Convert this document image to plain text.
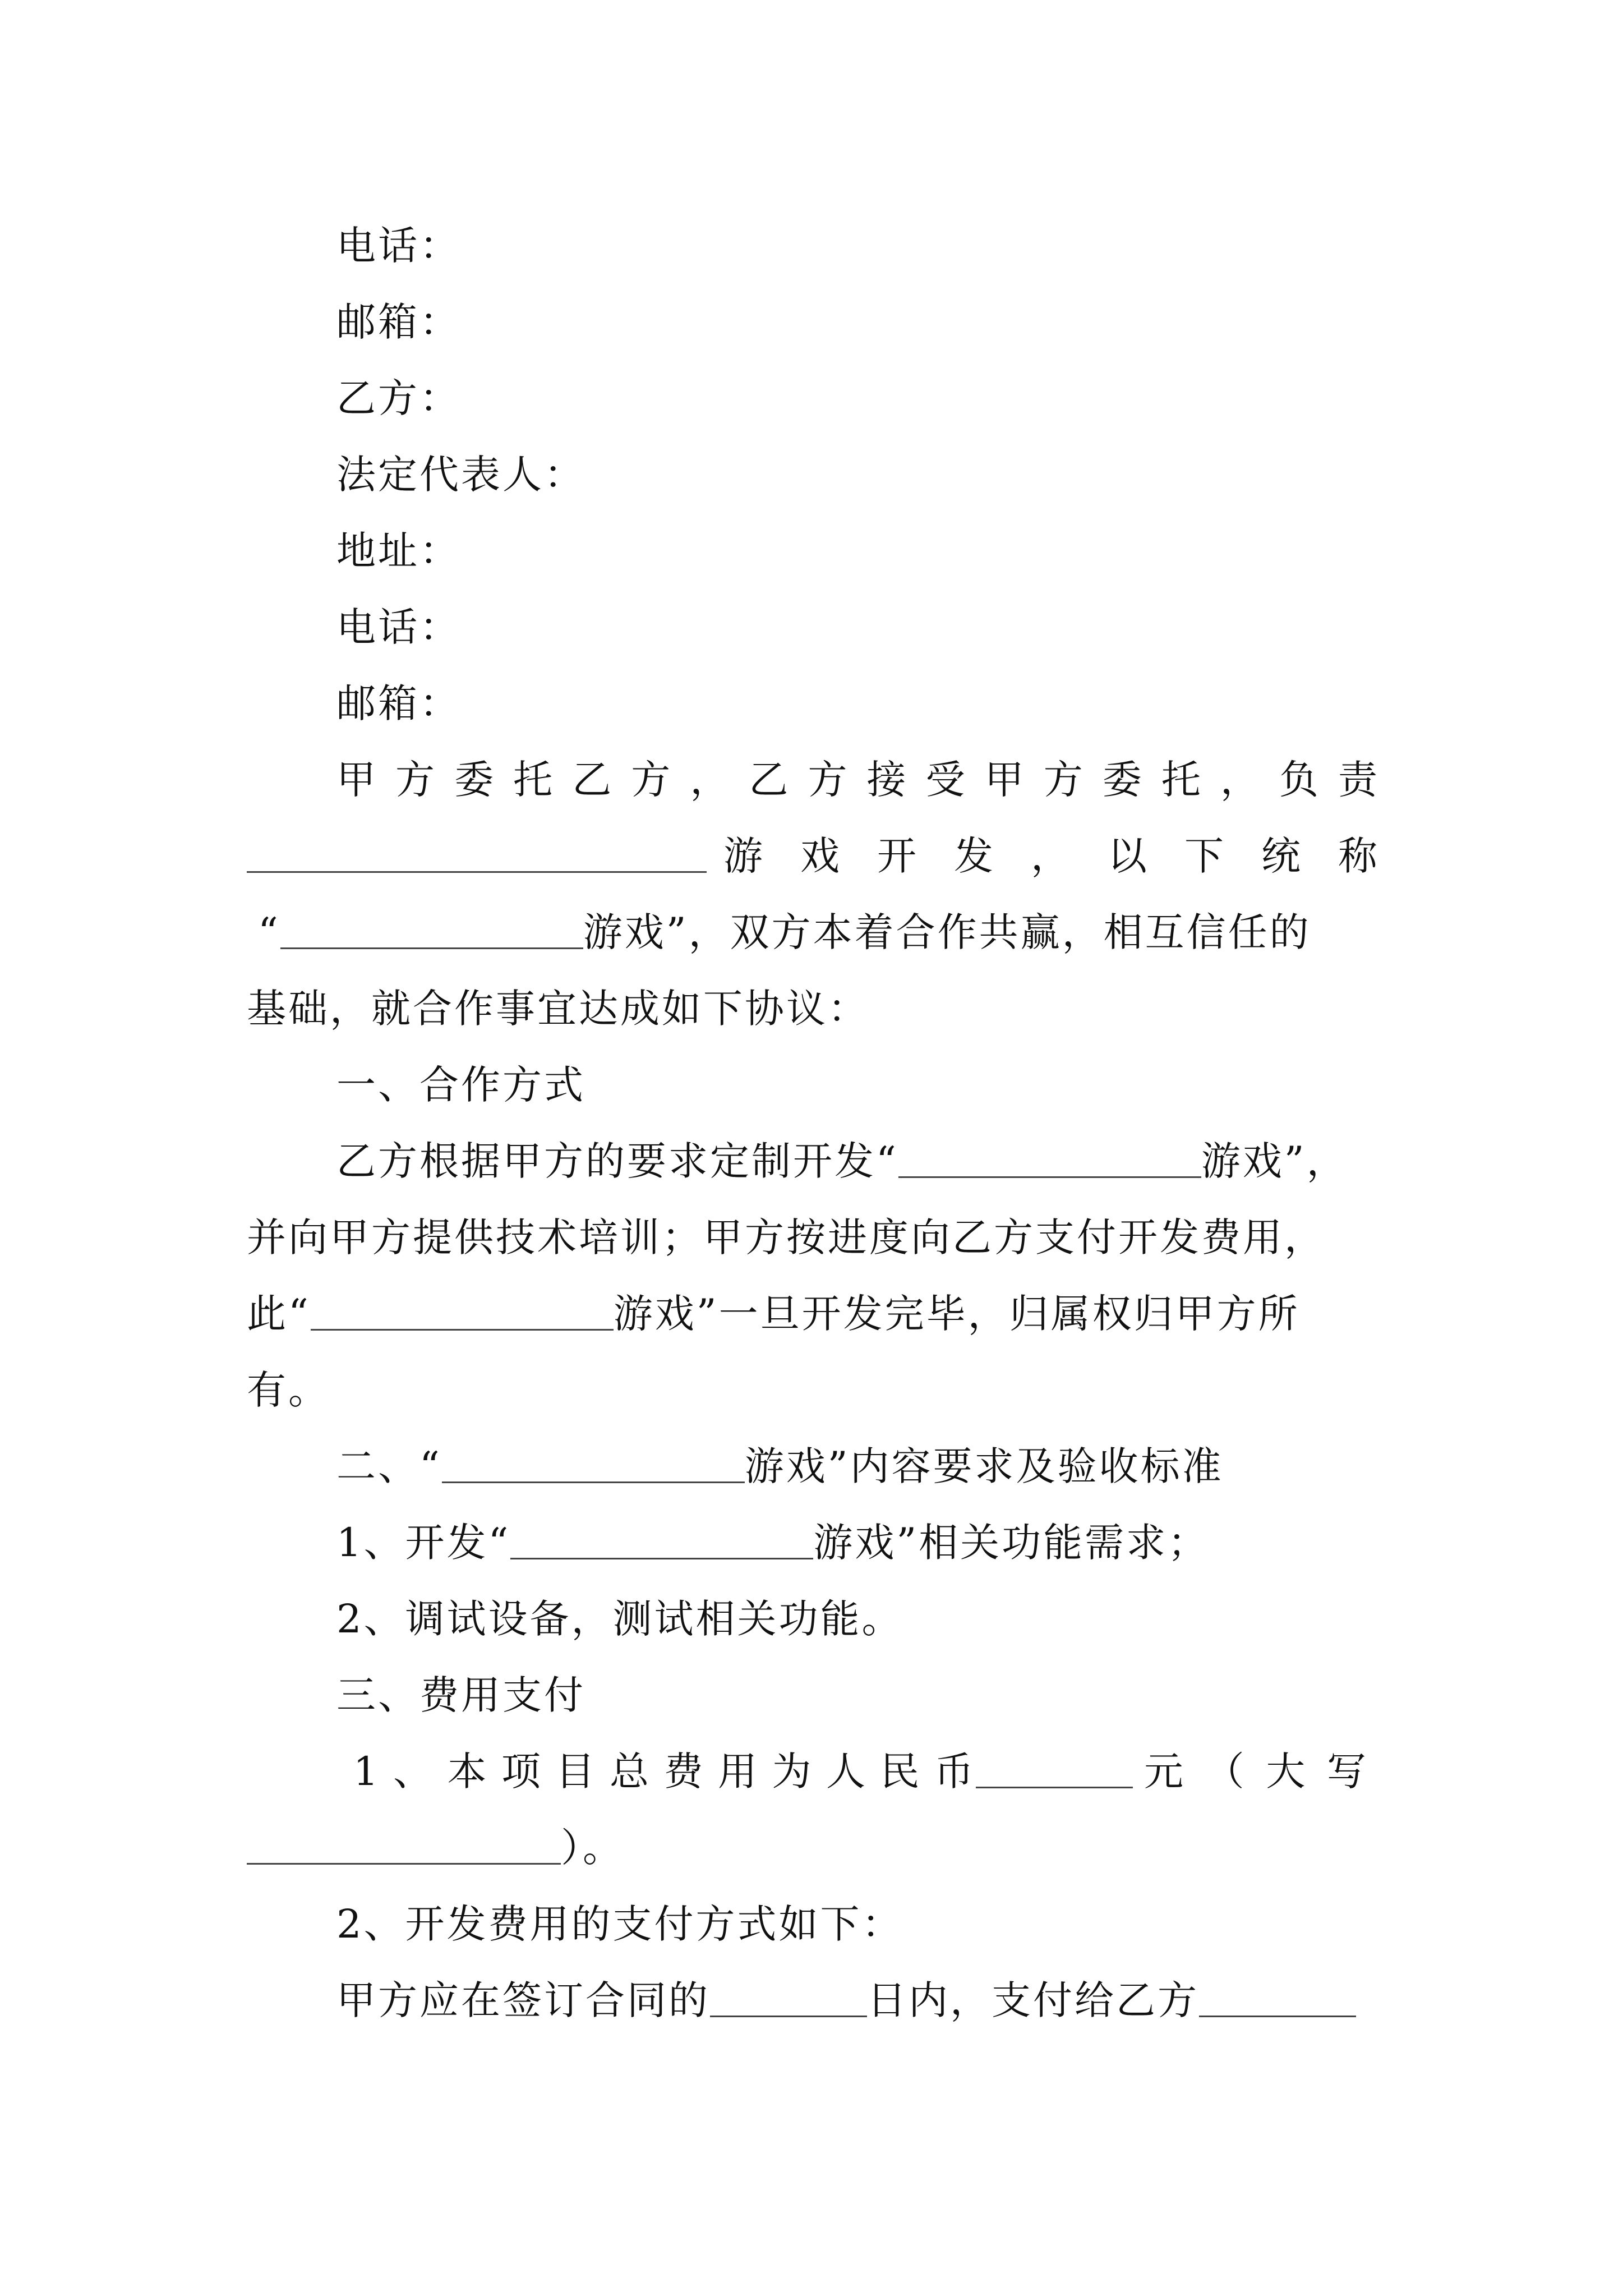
电话：
邮箱：
乙方：
法定代表人：
地址：
电话：
邮箱：
甲方委托乙方，乙方接受甲方委托，负责
游戏开发，以下统称
“	游戏”，双方本着合作共赢，相互信任的
基础，就合作事宜达成如下协议：
一、合作方式
乙方根据甲方的要求定制开发“	游戏”，
并向甲方提供技术培训；甲方按进度向乙方支付开发费用，
此“	游戏”一旦开发完毕，归属权归甲方所
有。
二、“	游戏”内容要求及验收标准
1、开发“	游戏”相关功能需求；
2、调试设备，测试相关功能。
三、费用支付
1、本项目总费用为人民币	元（大写
）。
2、开发费用的支付方式如下：
甲方应在签订合同的	日内，支付给乙方
